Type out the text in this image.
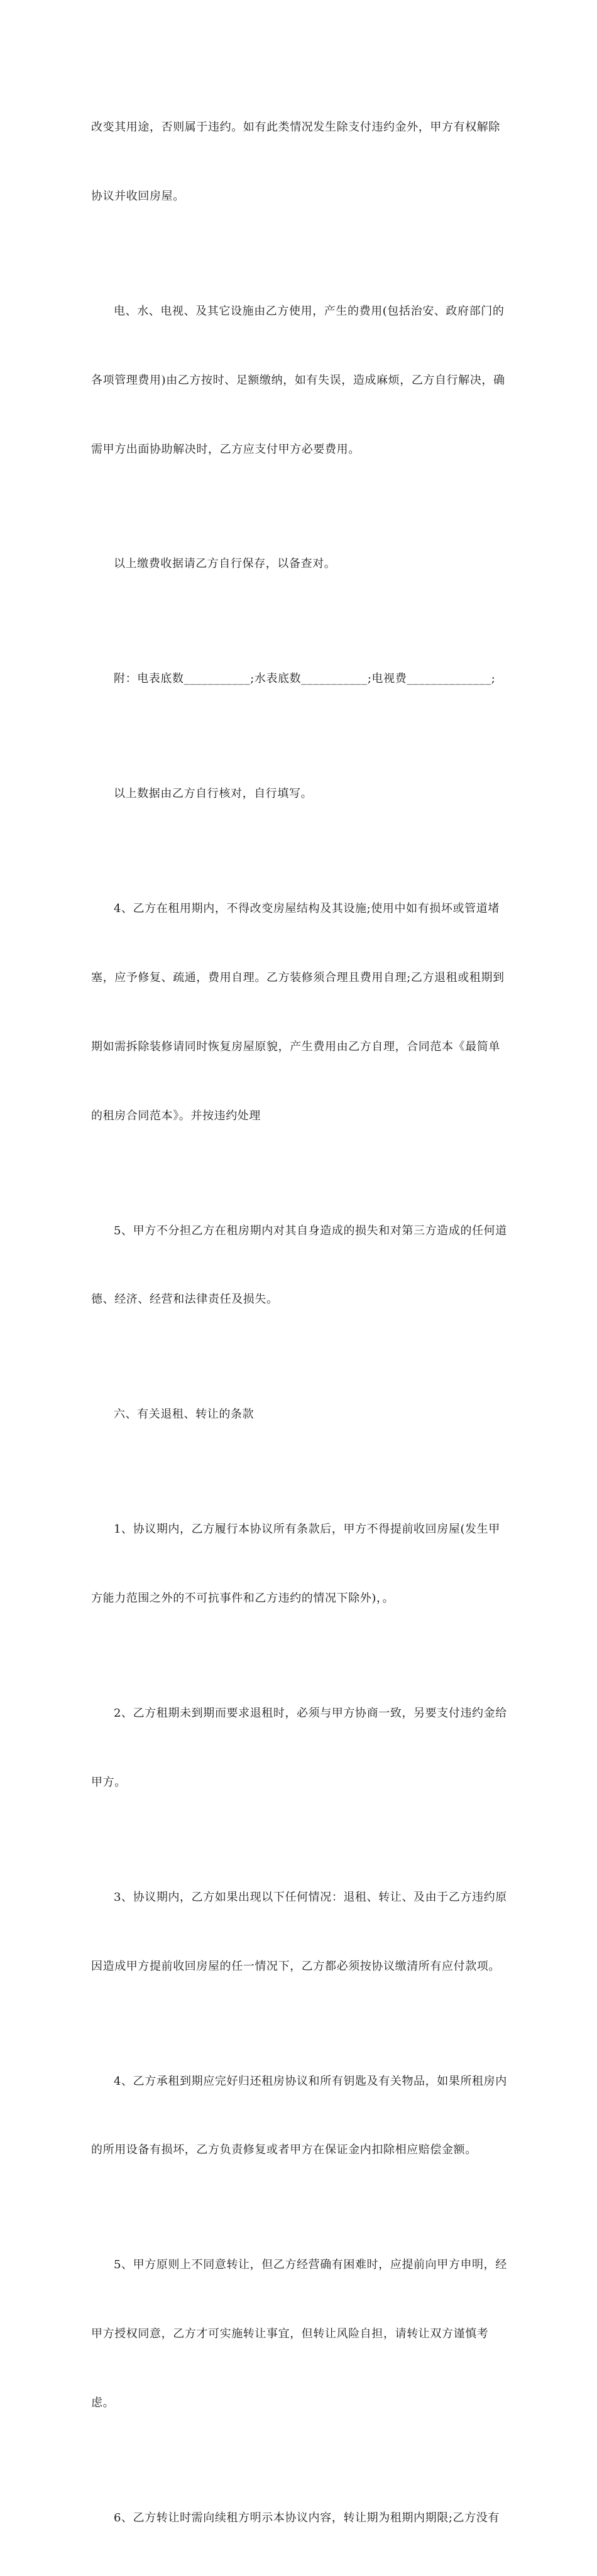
改变其用途，否则属于违约。如有此类情况发生除支付违约金外，甲方有权解除

协议并收回房屋。

电、水、电视、及其它设施由乙方使用，产生的费用(包括治安、政府部门的

各项管理费用)由乙方按时、足额缴纳，如有失误，造成麻烦，乙方自行解决，确

需甲方出面协助解决时，乙方应支付甲方必要费用。

以上缴费收据请乙方自行保存，以备查对。

附：电表底数___________;水表底数___________;电视费______________;

以上数据由乙方自行核对，自行填写。

4、乙方在租用期内，不得改变房屋结构及其设施;使用中如有损坏或管道堵

塞，应予修复、疏通，费用自理。乙方装修须合理且费用自理;乙方退租或租期到

期如需拆除装修请同时恢复房屋原貌，产生费用由乙方自理，合同范本《最简单

的租房合同范本》。并按违约处理

5、甲方不分担乙方在租房期内对其自身造成的损失和对第三方造成的任何道

德、经济、经营和法律责任及损失。

六、有关退租、转让的条款

1、协议期内，乙方履行本协议所有条款后，甲方不得提前收回房屋(发生甲

方能力范围之外的不可抗事件和乙方违约的情况下除外)，。

2、乙方租期未到期而要求退租时，必须与甲方协商一致，另要支付违约金给

甲方。

3、协议期内，乙方如果出现以下任何情况：退租、转让、及由于乙方违约原

因造成甲方提前收回房屋的任一情况下，乙方都必须按协议缴清所有应付款项。

4、乙方承租到期应完好归还租房协议和所有钥匙及有关物品，如果所租房内

的所用设备有损坏，乙方负责修复或者甲方在保证金内扣除相应赔偿金额。

5、甲方原则上不同意转让，但乙方经营确有困难时，应提前向甲方申明，经

甲方授权同意，乙方才可实施转让事宜，但转让风险自担，请转让双方谨慎考

虑。

6、乙方转让时需向续租方明示本协议内容，转让期为租期内期限;乙方没有
